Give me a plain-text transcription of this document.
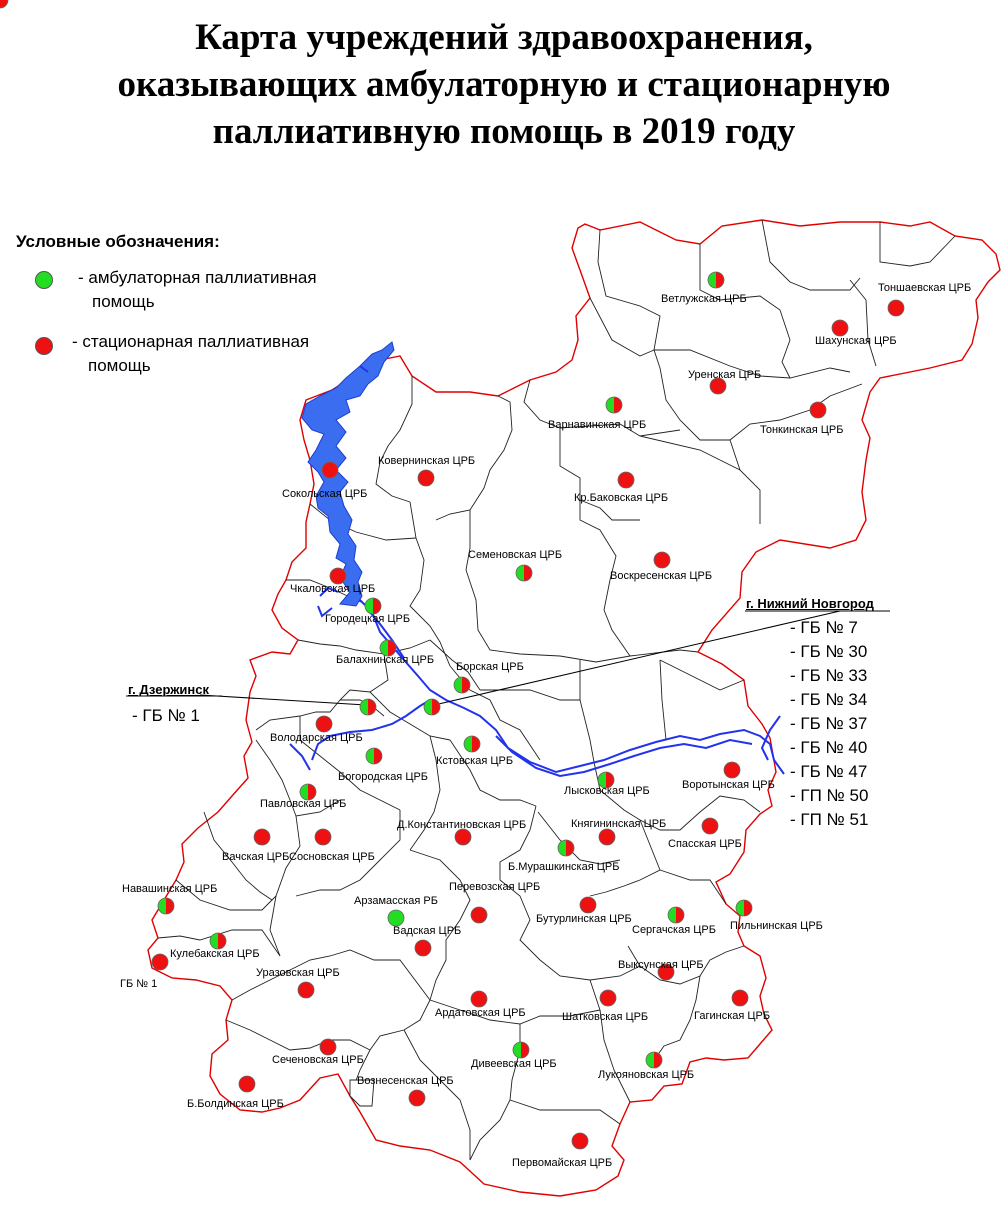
Карта учреждений здравоохранения,
оказывающих амбулаторную и стационарную
паллиативную помощь в 2019 году
Условные обозначения:
- амбулаторная паллиативная
помощь
- стационарная паллиативная
помощь
Ветлужская ЦРБ
Тоншаевская ЦРБ
Шахунская ЦРБ
Уренская ЦРБ
Варнавинская ЦРБ	Тонкинская ЦРБ
Ковернинская ЦРБ
Кр.Баковская ЦРБ
Сокольская ЦРБ
Семеновская ЦРБ
Воскресенская ЦРБ
Чкаловская ЦРБ
Городецкая ЦРБ
Балахнинская ЦРБ
Борская ЦРБ
Володарская ЦРБ
Богородская ЦРБ
Кстовская ЦРБ
Лысковская ЦРБ	Воротынская ЦРБ
Павловская ЦРБ
Д.Константиновская ЦРБ	Княгининская ЦРБ
Спасская ЦРБ
Вачская ЦРБ Сосновская ЦРБ
Б.Мурашкинская ЦРБ
Навашинская ЦРБ
Арзамасская РБ
Перевозская ЦРБ
Бутурлинская ЦРБ
Сергачская ЦРБ Пильнинская ЦРБ
Кулебакская ЦРБ
Вадская ЦРБ
ГБ № 1
Выксунская ЦРБ
Уразовская ЦРБ
Ардатовская ЦРБ	Шатковская ЦРБ	Гагинская ЦРБ
Сеченовская ЦРБ	Дивеевская ЦРБ
Лукояновская ЦРБ
Б.Болдинская ЦРБ
Вознесенская ЦРБ
Первомайская ЦРБ
г. Дзержинск
- ГБ № 1
г. Нижний Новгород
- ГБ № 7
- ГБ № 30
- ГБ № 33
- ГБ № 34
- ГБ № 37
- ГБ № 40
- ГБ № 47
- ГП № 50
- ГП № 51
